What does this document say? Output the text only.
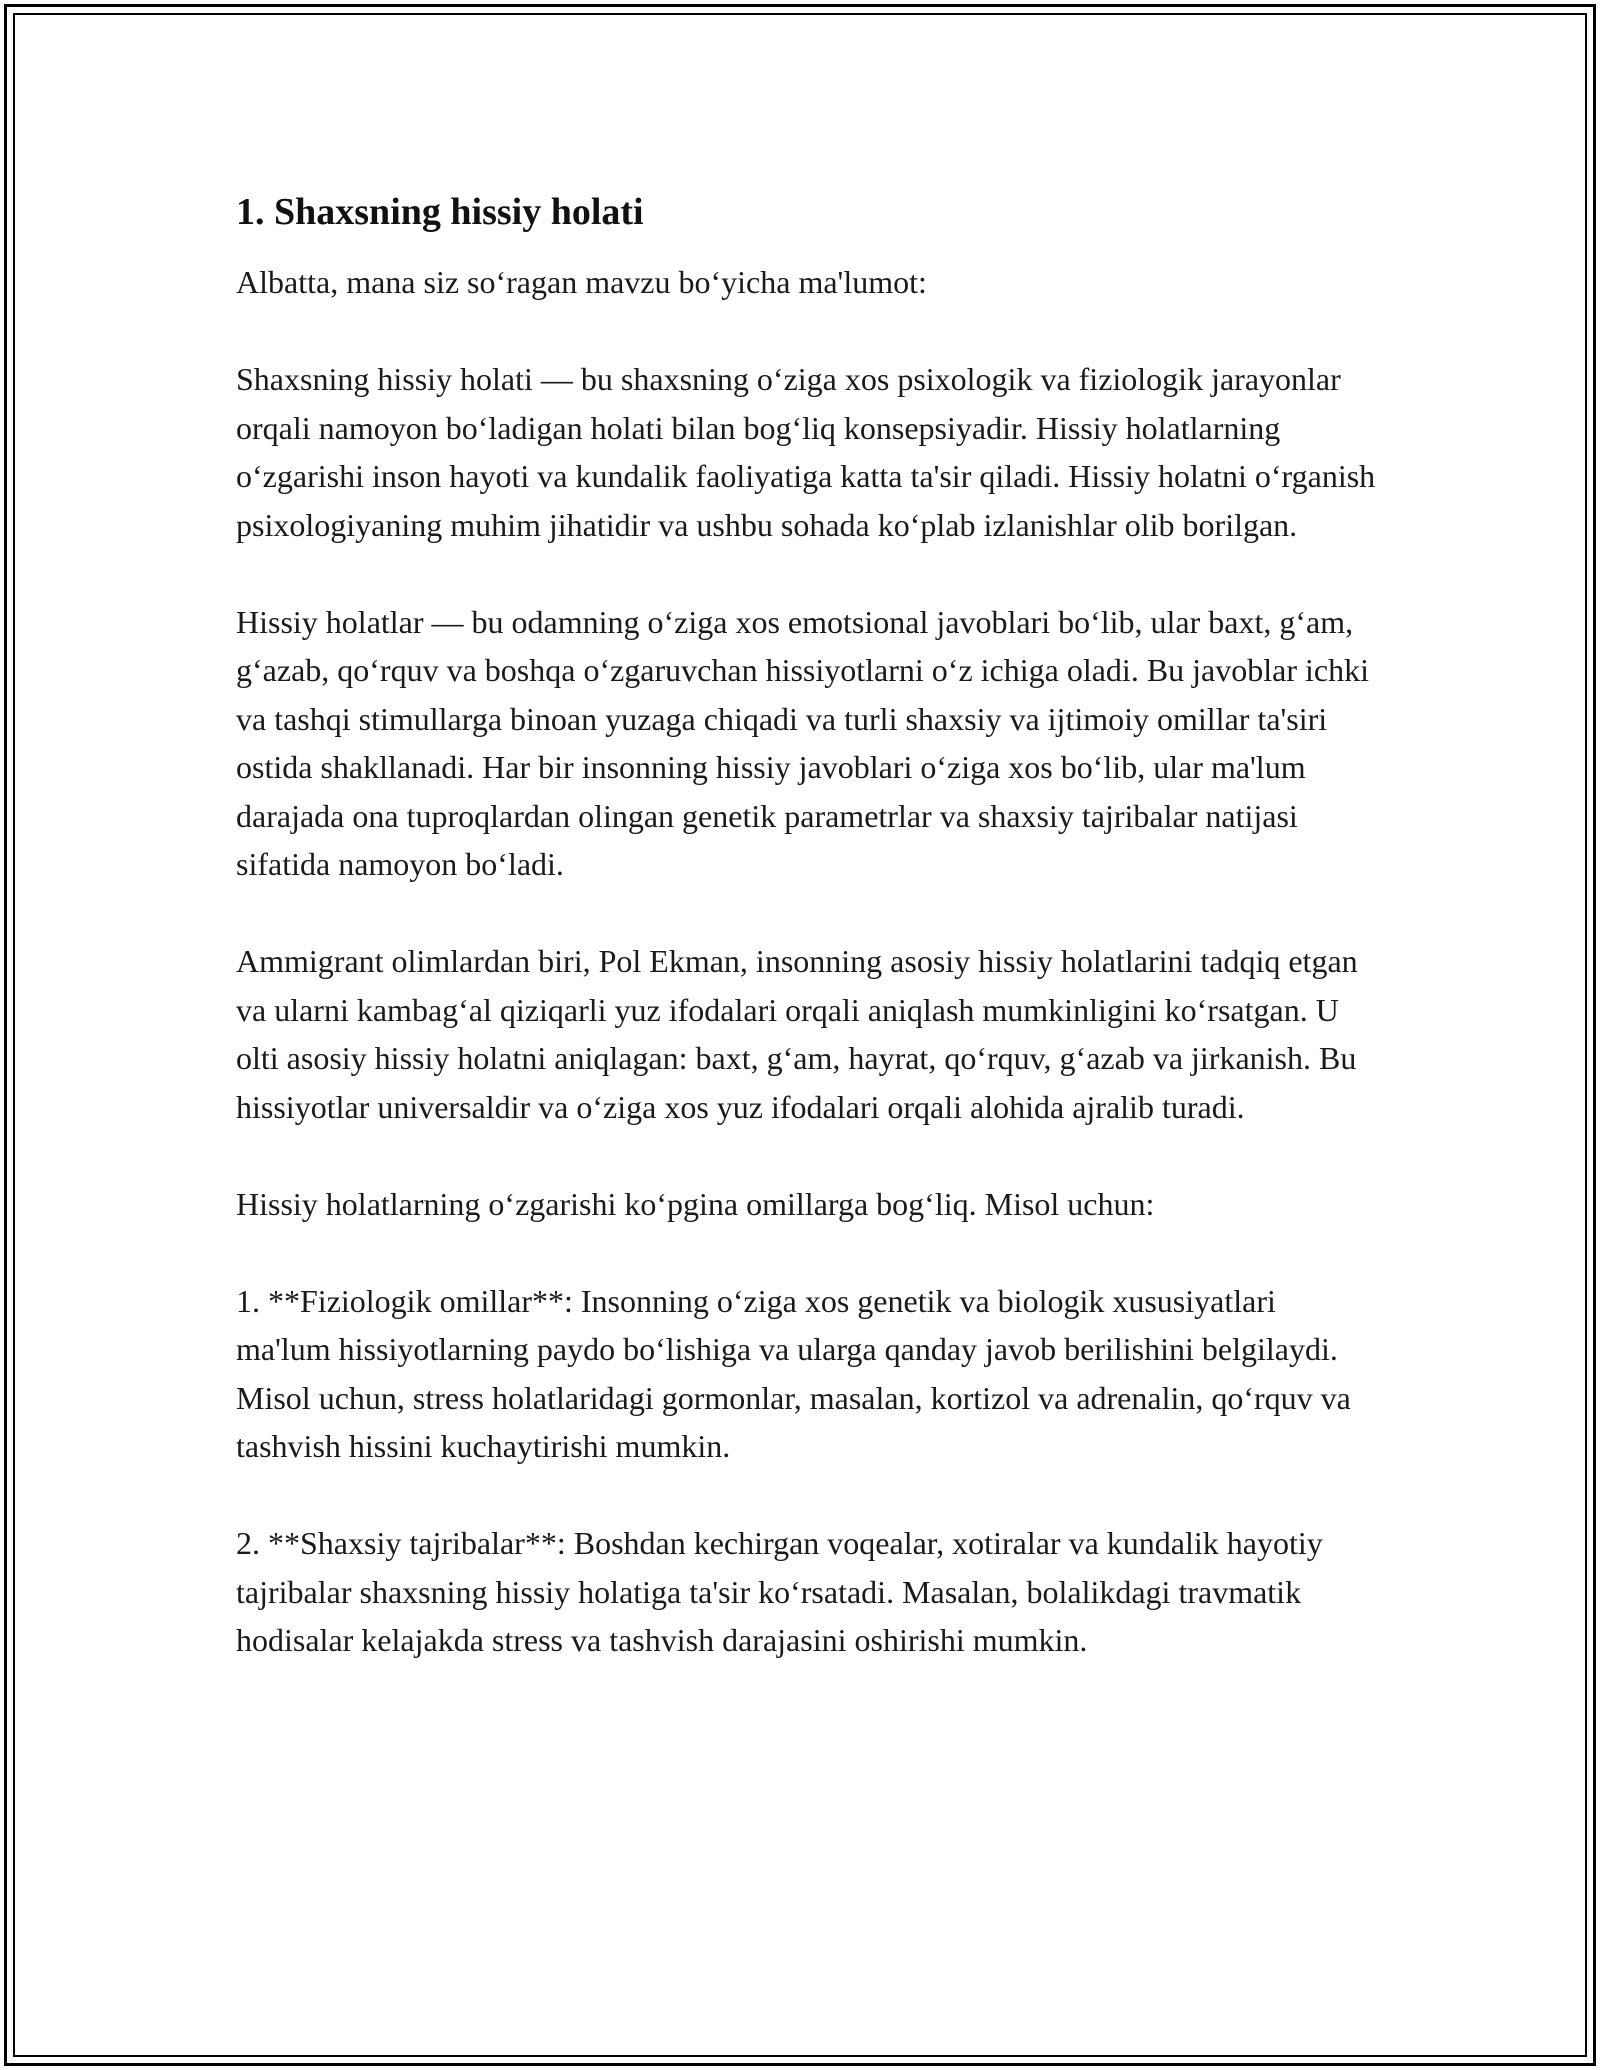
1. Shaxsning hissiy holati

Albatta, mana siz so‘ragan mavzu bo‘yicha ma'lumot:

Shaxsning hissiy holati — bu shaxsning o‘ziga xos psixologik va fiziologik jarayonlar orqali namoyon bo‘ladigan holati bilan bog‘liq konsepsiyadir. Hissiy holatlarning o‘zgarishi inson hayoti va kundalik faoliyatiga katta ta'sir qiladi. Hissiy holatni o‘rganish psixologiyaning muhim jihatidir va ushbu sohada ko‘plab izlanishlar olib borilgan.

Hissiy holatlar — bu odamning o‘ziga xos emotsional javoblari bo‘lib, ular baxt, g‘am, g‘azab, qo‘rquv va boshqa o‘zgaruvchan hissiyotlarni o‘z ichiga oladi. Bu javoblar ichki va tashqi stimullarga binoan yuzaga chiqadi va turli shaxsiy va ijtimoiy omillar ta'siri ostida shakllanadi. Har bir insonning hissiy javoblari o‘ziga xos bo‘lib, ular ma'lum darajada ona tuproqlardan olingan genetik parametrlar va shaxsiy tajribalar natijasi sifatida namoyon bo‘ladi.

Ammigrant olimlardan biri, Pol Ekman, insonning asosiy hissiy holatlarini tadqiq etgan va ularni kambag‘al qiziqarli yuz ifodalari orqali aniqlash mumkinligini ko‘rsatgan. U olti asosiy hissiy holatni aniqlagan: baxt, g‘am, hayrat, qo‘rquv, g‘azab va jirkanish. Bu hissiyotlar universaldir va o‘ziga xos yuz ifodalari orqali alohida ajralib turadi.

Hissiy holatlarning o‘zgarishi ko‘pgina omillarga bog‘liq. Misol uchun:

1. **Fiziologik omillar**: Insonning o‘ziga xos genetik va biologik xususiyatlari ma'lum hissiyotlarning paydo bo‘lishiga va ularga qanday javob berilishini belgilaydi. Misol uchun, stress holatlaridagi gormonlar, masalan, kortizol va adrenalin, qo‘rquv va tashvish hissini kuchaytirishi mumkin.

2. **Shaxsiy tajribalar**: Boshdan kechirgan voqealar, xotiralar va kundalik hayotiy tajribalar shaxsning hissiy holatiga ta'sir ko‘rsatadi. Masalan, bolalikdagi travmatik hodisalar kelajakda stress va tashvish darajasini oshirishi mumkin.
